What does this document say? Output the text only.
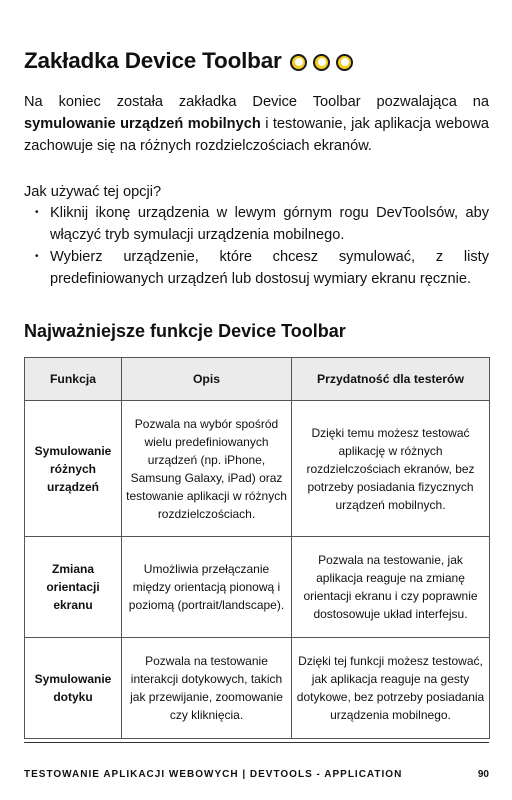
Zakładka Device Toolbar

Na koniec została zakładka Device Toolbar pozwalająca na symulowanie urządzeń mobilnych i testowanie, jak aplikacja webowa zachowuje się na różnych rozdzielczościach ekranów.

Jak używać tej opcji?

• Kliknij ikonę urządzenia w lewym górnym rogu DevToolsów, aby włączyć tryb symulacji urządzenia mobilnego.
• Wybierz urządzenie, które chcesz symulować, z listy predefiniowanych urządzeń lub dostosuj wymiary ekranu ręcznie.
Najważniejsze funkcje Device Toolbar
Funkcja	Opis	Przydatność dla testerów
Symulowanie różnych urządzeń	Pozwala na wybór spośród wielu predefiniowanych urządzeń (np. iPhone, Samsung Galaxy, iPad) oraz testowanie aplikacji w różnych rozdzielczościach.	Dzięki temu możesz testować aplikację w różnych rozdzielczościach ekranów, bez potrzeby posiadania fizycznych urządzeń mobilnych.
Zmiana orientacji ekranu	Umożliwia przełączanie między orientacją pionową i poziomą (portrait/landscape).	Pozwala na testowanie, jak aplikacja reaguje na zmianę orientacji ekranu i czy poprawnie dostosowuje układ interfejsu.
Symulowanie dotyku	Pozwala na testowanie interakcji dotykowych, takich jak przewijanie, zoomowanie czy kliknięcia.	Dzięki tej funkcji możesz testować, jak aplikacja reaguje na gesty dotykowe, bez potrzeby posiadania urządzenia mobilnego.
TESTOWANIE APLIKACJI WEBOWYCH | DEVTOOLS - APPLICATION	90
